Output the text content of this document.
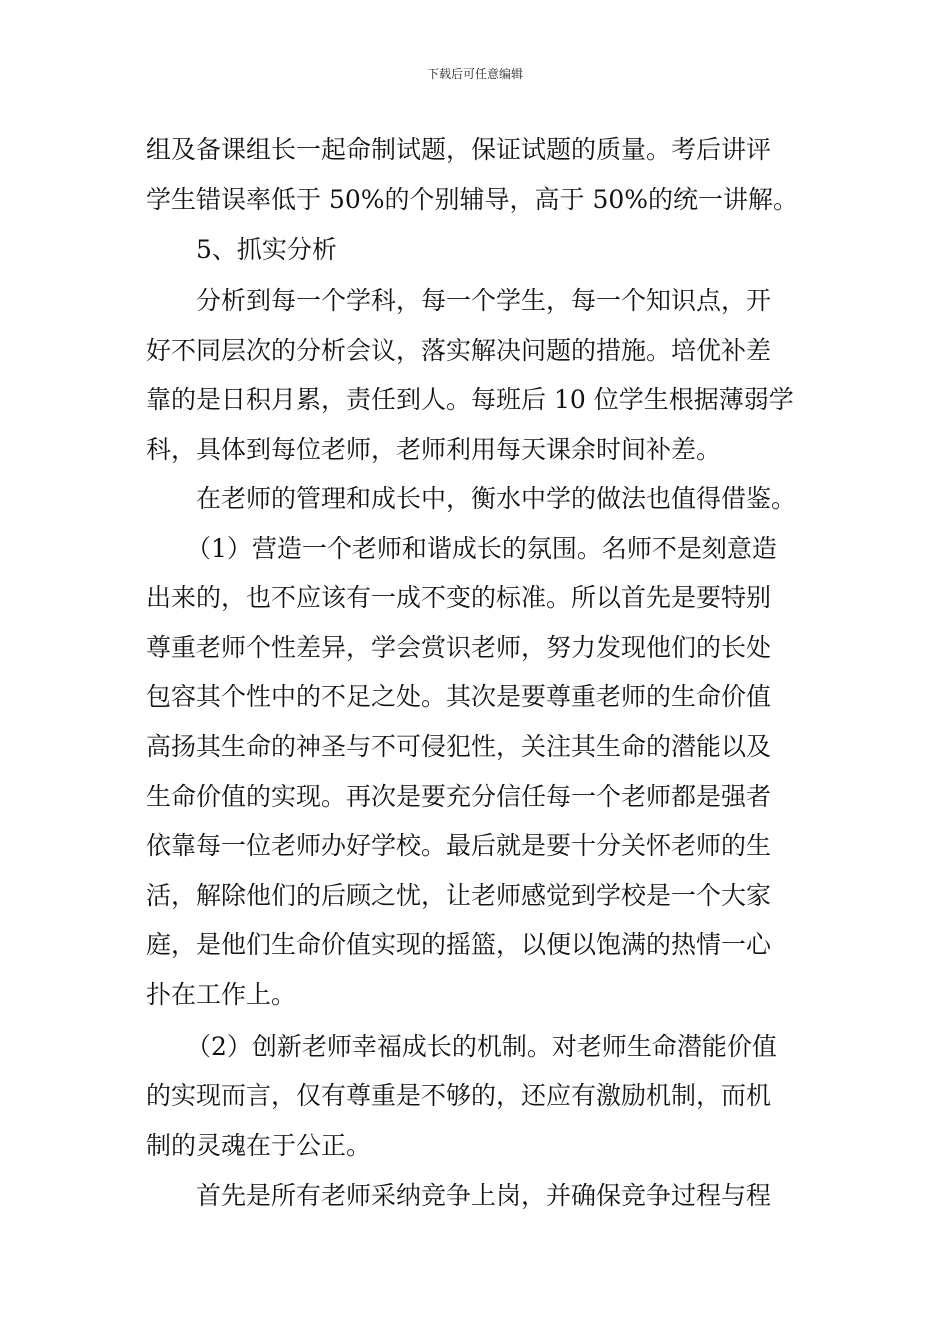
下载后可任意编辑
组及备课组长一起命制试题，保证试题的质量。考后讲评
学生错误率低于 50%的个别辅导，高于 50%的统一讲解。
5、抓实分析
分析到每一个学科，每一个学生，每一个知识点，开
好不同层次的分析会议，落实解决问题的措施。培优补差
靠的是日积月累，责任到人。每班后 10 位学生根据薄弱学
科，具体到每位老师，老师利用每天课余时间补差。
在老师的管理和成长中，衡水中学的做法也值得借鉴。
（1）营造一个老师和谐成长的氛围。名师不是刻意造
出来的，也不应该有一成不变的标准。所以首先是要特别
尊重老师个性差异，学会赏识老师，努力发现他们的长处
包容其个性中的不足之处。其次是要尊重老师的生命价值
高扬其生命的神圣与不可侵犯性，关注其生命的潜能以及
生命价值的实现。再次是要充分信任每一个老师都是强者
依靠每一位老师办好学校。最后就是要十分关怀老师的生
活，解除他们的后顾之忧，让老师感觉到学校是一个大家
庭，是他们生命价值实现的摇篮，以便以饱满的热情一心
扑在工作上。
（2）创新老师幸福成长的机制。对老师生命潜能价值
的实现而言，仅有尊重是不够的，还应有激励机制，而机
制的灵魂在于公正。
首先是所有老师采纳竞争上岗，并确保竞争过程与程
